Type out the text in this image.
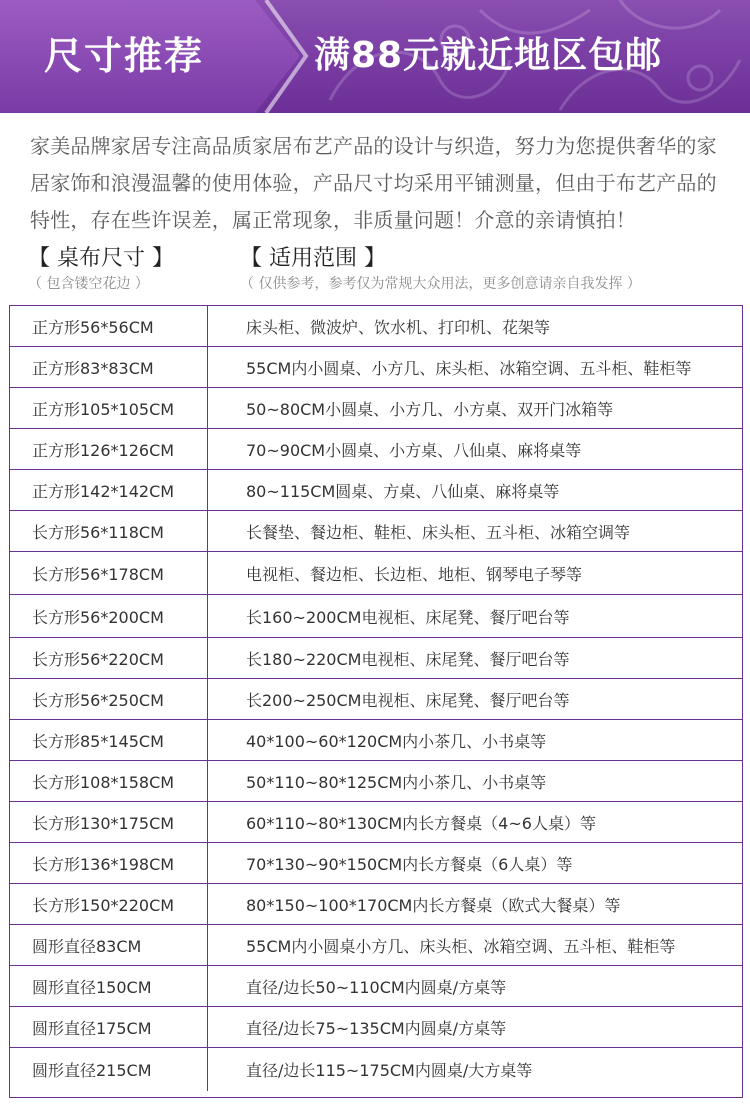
尺寸推荐	满88元就近地区包邮
家美品牌家居专注高品质家居布艺产品的设计与织造，努力为您提供奢华的家居家饰和浪漫温馨的使用体验，产品尺寸均采用平铺测量，但由于布艺产品的特性，存在些许误差，属正常现象，非质量问题！介意的亲请慎拍！
【 桌布尺寸 】
（ 包含镂空花边 ）
【 适用范围 】
（ 仅供参考，参考仅为常规大众用法，更多创意请亲自我发挥 ）
正方形56*56CM	床头柜、微波炉、饮水机、打印机、花架等
正方形83*83CM	55CM内小圆桌、小方几、床头柜、冰箱空调、五斗柜、鞋柜等
正方形105*105CM	50~80CM小圆桌、小方几、小方桌、双开门冰箱等
正方形126*126CM	70~90CM小圆桌、小方桌、八仙桌、麻将桌等
正方形142*142CM	80~115CM圆桌、方桌、八仙桌、麻将桌等
长方形56*118CM	长餐垫、餐边柜、鞋柜、床头柜、五斗柜、冰箱空调等
长方形56*178CM	电视柜、餐边柜、长边柜、地柜、钢琴电子琴等
长方形56*200CM	长160~200CM电视柜、床尾凳、餐厅吧台等
长方形56*220CM	长180~220CM电视柜、床尾凳、餐厅吧台等
长方形56*250CM	长200~250CM电视柜、床尾凳、餐厅吧台等
长方形85*145CM	40*100~60*120CM内小茶几、小书桌等
长方形108*158CM	50*110~80*125CM内小茶几、小书桌等
长方形130*175CM	60*110~80*130CM内长方餐桌（4~6人桌）等
长方形136*198CM	70*130~90*150CM内长方餐桌（6人桌）等
长方形150*220CM	80*150~100*170CM内长方餐桌（欧式大餐桌）等
圆形直径83CM	55CM内小圆桌小方几、床头柜、冰箱空调、五斗柜、鞋柜等
圆形直径150CM	直径/边长50~110CM内圆桌/方桌等
圆形直径175CM	直径/边长75~135CM内圆桌/方桌等
圆形直径215CM	直径/边长115~175CM内圆桌/大方桌等
